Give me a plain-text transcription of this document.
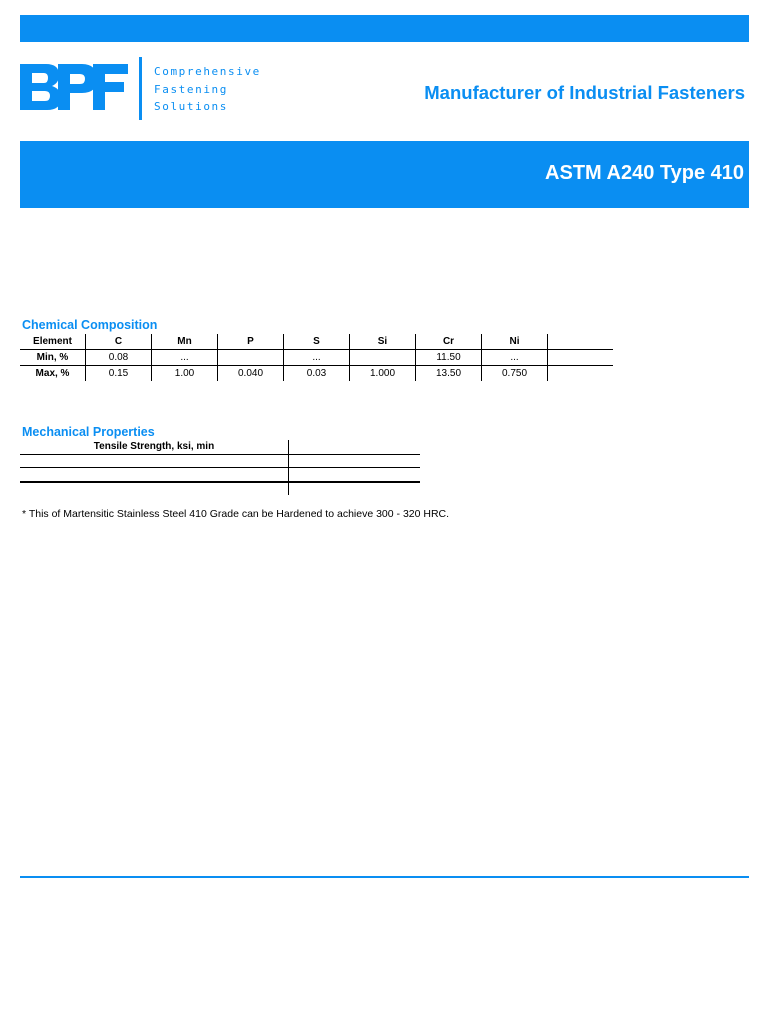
Comprehensive
Fastening
Solutions
Manufacturer of Industrial Fasteners
ASTM A240 Type 410
Chemical Composition
Element	C	Mn	P	S	Si	Cr	Ni	
Min, %	0.08	...		...		11.50	...	
Max, %	0.15	1.00	0.040	0.03	1.000	13.50	0.750	
Mechanical Properties
Tensile Strength, ksi, min
* This of Martensitic Stainless Steel 410 Grade can be Hardened to achieve 300 - 320 HRC.
